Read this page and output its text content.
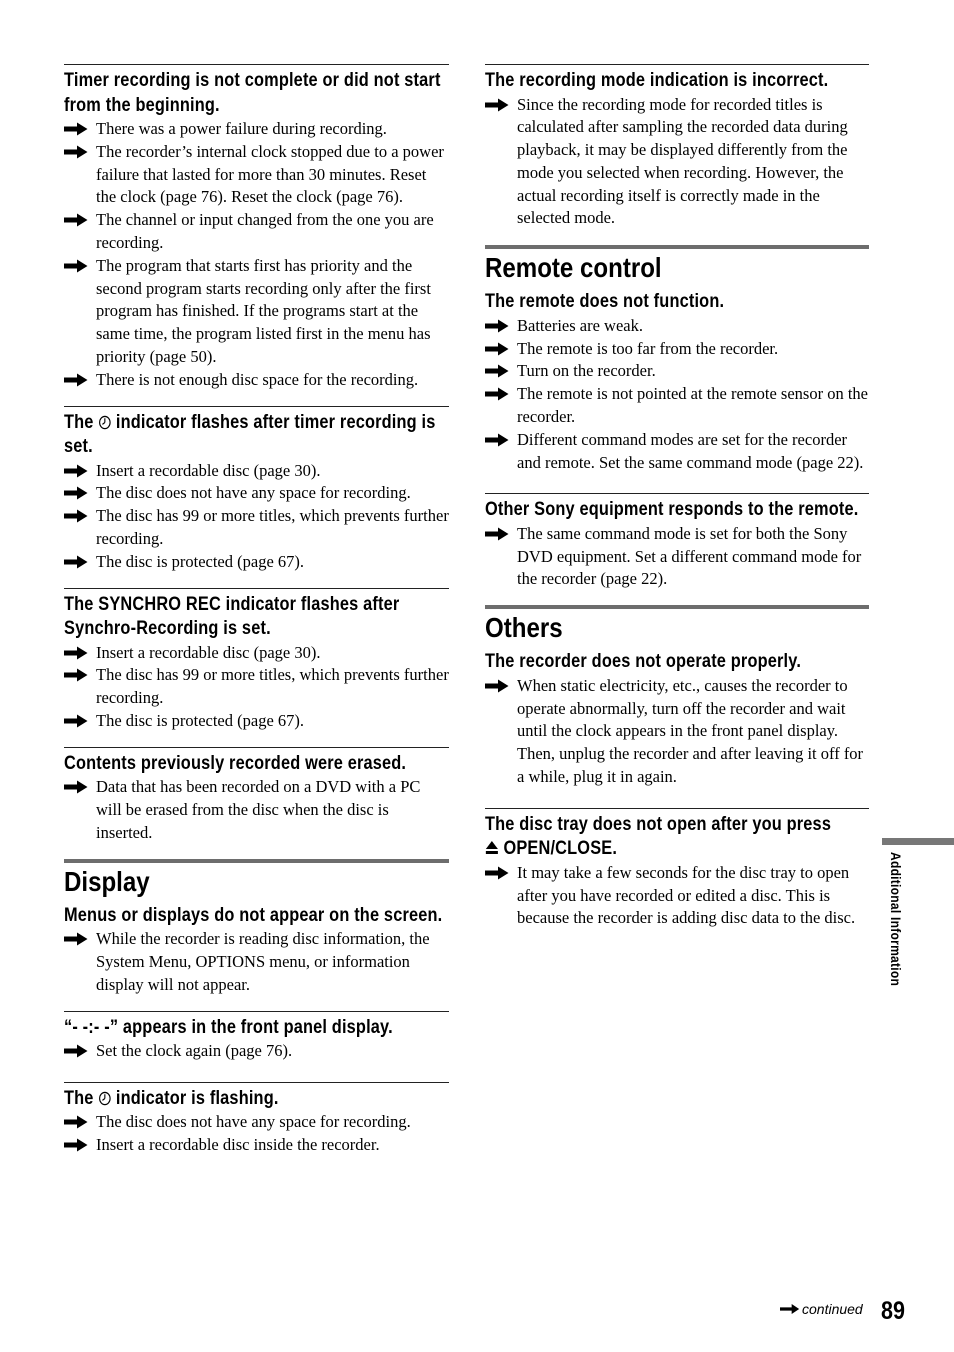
Timer recording is not complete or did not start from the beginning.
There was a power failure during recording.
The recorder’s internal clock stopped due to a power failure that lasted for more than 30 minutes. Reset the clock (page 76). Reset the clock (page 76).
The channel or input changed from the one you are recording.
The program that starts first has priority and the second program starts recording only after the first program has finished. If the programs start at the same time, the program listed first in the menu has priority (page 50).
There is not enough disc space for the recording.
The indicator flashes after timer recording is set.
Insert a recordable disc (page 30).
The disc does not have any space for recording.
The disc has 99 or more titles, which prevents further recording.
The disc is protected (page 67).
The SYNCHRO REC indicator flashes after Synchro-Recording is set.
Insert a recordable disc (page 30).
The disc has 99 or more titles, which prevents further recording.
The disc is protected (page 67).
Contents previously recorded were erased.
Data that has been recorded on a DVD with a PC will be erased from the disc when the disc is inserted.
Display
Menus or displays do not appear on the screen.
While the recorder is reading disc information, the System Menu, OPTIONS menu, or information display will not appear.
“- -:- -” appears in the front panel display.
Set the clock again (page 76).
The indicator is flashing.
The disc does not have any space for recording.
Insert a recordable disc inside the recorder.
The recording mode indication is incorrect.
Since the recording mode for recorded titles is calculated after sampling the recorded data during playback, it may be displayed differently from the mode you selected when recording. However, the actual recording itself is correctly made in the selected mode.
Remote control
The remote does not function.
Batteries are weak.
The remote is too far from the recorder.
Turn on the recorder.
The remote is not pointed at the remote sensor on the recorder.
Different command modes are set for the recorder and remote. Set the same command mode (page 22).
Other Sony equipment responds to the remote.
The same command mode is set for both the Sony DVD equipment. Set a different command mode for the recorder (page 22).
Others
The recorder does not operate properly.
When static electricity, etc., causes the recorder to operate abnormally, turn off the recorder and wait until the clock appears in the front panel display. Then, unplug the recorder and after leaving it off for a while, plug it in again.
The disc tray does not open after you press
OPEN/CLOSE.
It may take a few seconds for the disc tray to open after you have recorded or edited a disc. This is because the recorder is adding disc data to the disc.	Additional Information
continued 89
